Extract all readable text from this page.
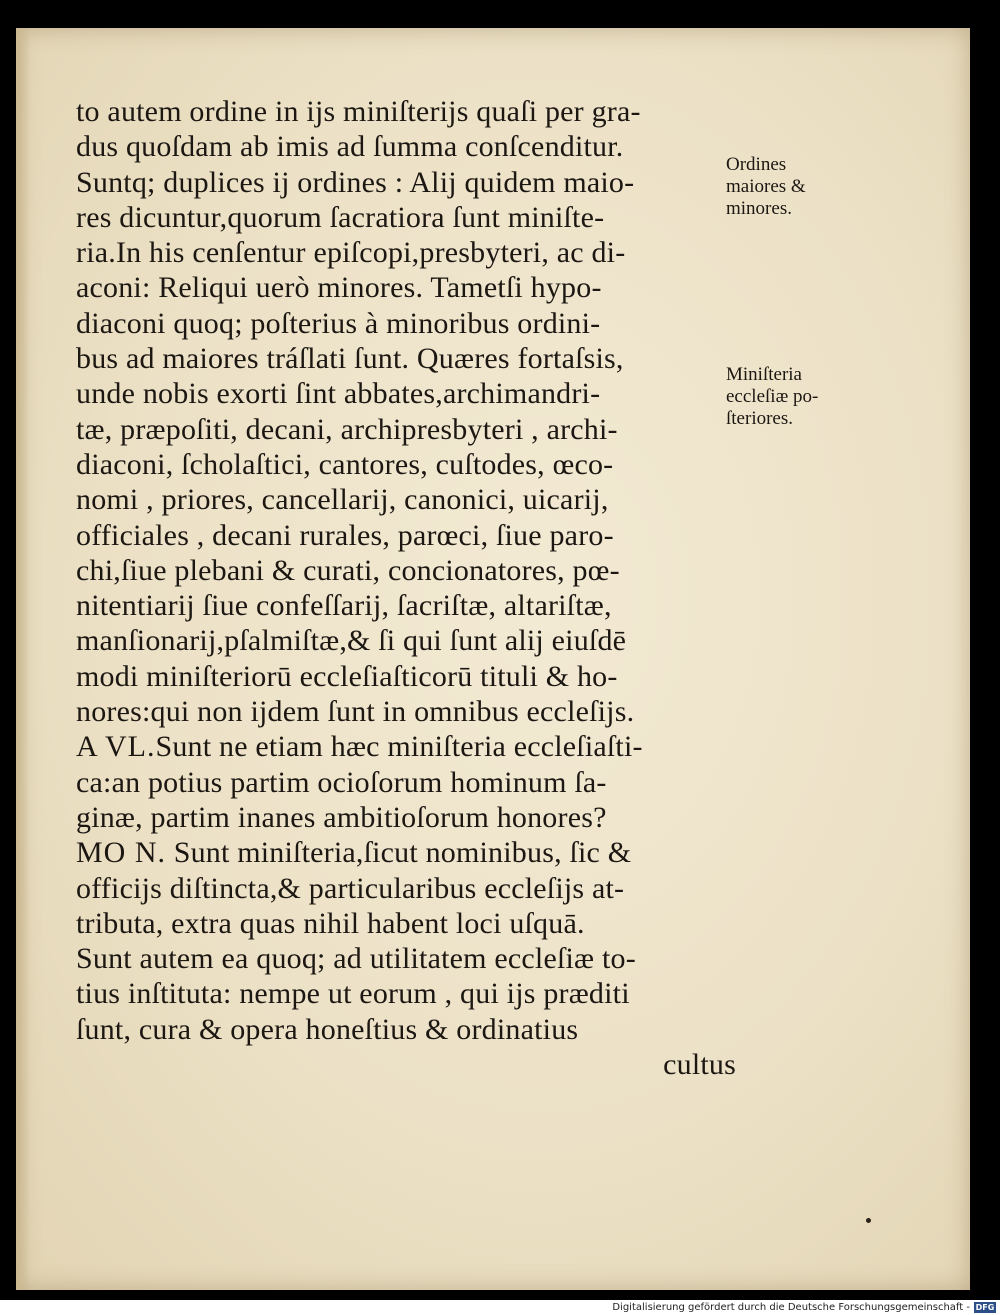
to autem ordine in ijs miniſterijs quaſi per gra-
dus quoſdam ab imis ad ſumma conſcenditur.
Suntq; duplices ij ordines : Alij quidem maio-
res dicuntur,quorum ſacratiora ſunt miniſte-
ria.In his cenſentur epiſcopi,presbyteri, ac di-
aconi: Reliqui uerò minores. Tametſi hypo-
diaconi quoq; poſterius à minoribus ordini-
bus ad maiores tráſlati ſunt. Quæres fortaſsis,
unde nobis exorti ſint abbates,archimandri-
tæ, præpoſiti, decani, archipresbyteri , archi-
diaconi, ſcholaſtici, cantores, cuſtodes, œco-
nomi , priores, cancellarij, canonici, uicarij,
officiales , decani rurales, parœci, ſiue paro-
chi,ſiue plebani & curati, concionatores, pœ-
nitentiarij ſiue confeſſarij, ſacriſtæ, altariſtæ,
manſionarij,pſalmiſtæ,& ſi qui ſunt alij eiuſdē
modi miniſteriorū eccleſiaſticorū tituli & ho-
nores:qui non ijdem ſunt in omnibus eccleſijs.
A VL.Sunt ne etiam hæc miniſteria eccleſiaſti-
ca:an potius partim ocioſorum hominum ſa-
ginæ, partim inanes ambitioſorum honores?
MO N. Sunt miniſteria,ſicut nominibus, ſic &
officijs diſtincta,& particularibus eccleſijs at-
tributa, extra quas nihil habent loci uſquā.
Sunt autem ea quoq; ad utilitatem eccleſiæ to-
tius inſtituta: nempe ut eorum , qui ijs præditi
ſunt, cura & opera honeſtius & ordinatius
cultus
Ordines
maiores &
minores.
Miniſteria
eccleſiæ po-
ſteriores.
Digitalisierung gefördert durch die Deutsche Forschungsgemeinschaft - DFG
